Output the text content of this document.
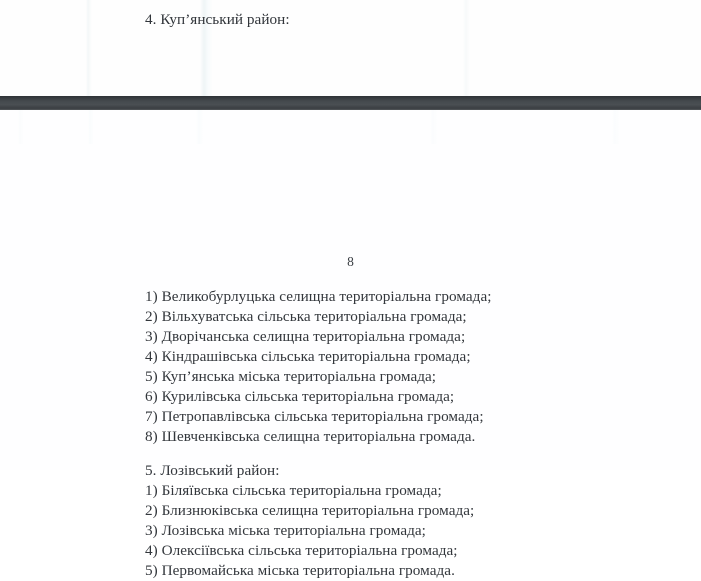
4. Куп’янський район:
8
1) Великобурлуцька селищна територіальна громада;
2) Вільхуватська сільська територіальна громада;
3) Дворічанська селищна територіальна громада;
4) Кіндрашівська сільська територіальна громада;
5) Куп’янська міська територіальна громада;
6) Курилівська сільська територіальна громада;
7) Петропавлівська сільська територіальна громада;
8) Шевченківська селищна територіальна громада.
5. Лозівський район:
1) Біляївська сільська територіальна громада;
2) Близнюківська селищна територіальна громада;
3) Лозівська міська територіальна громада;
4) Олексіївська сільська територіальна громада;
5) Первомайська міська територіальна громада.
